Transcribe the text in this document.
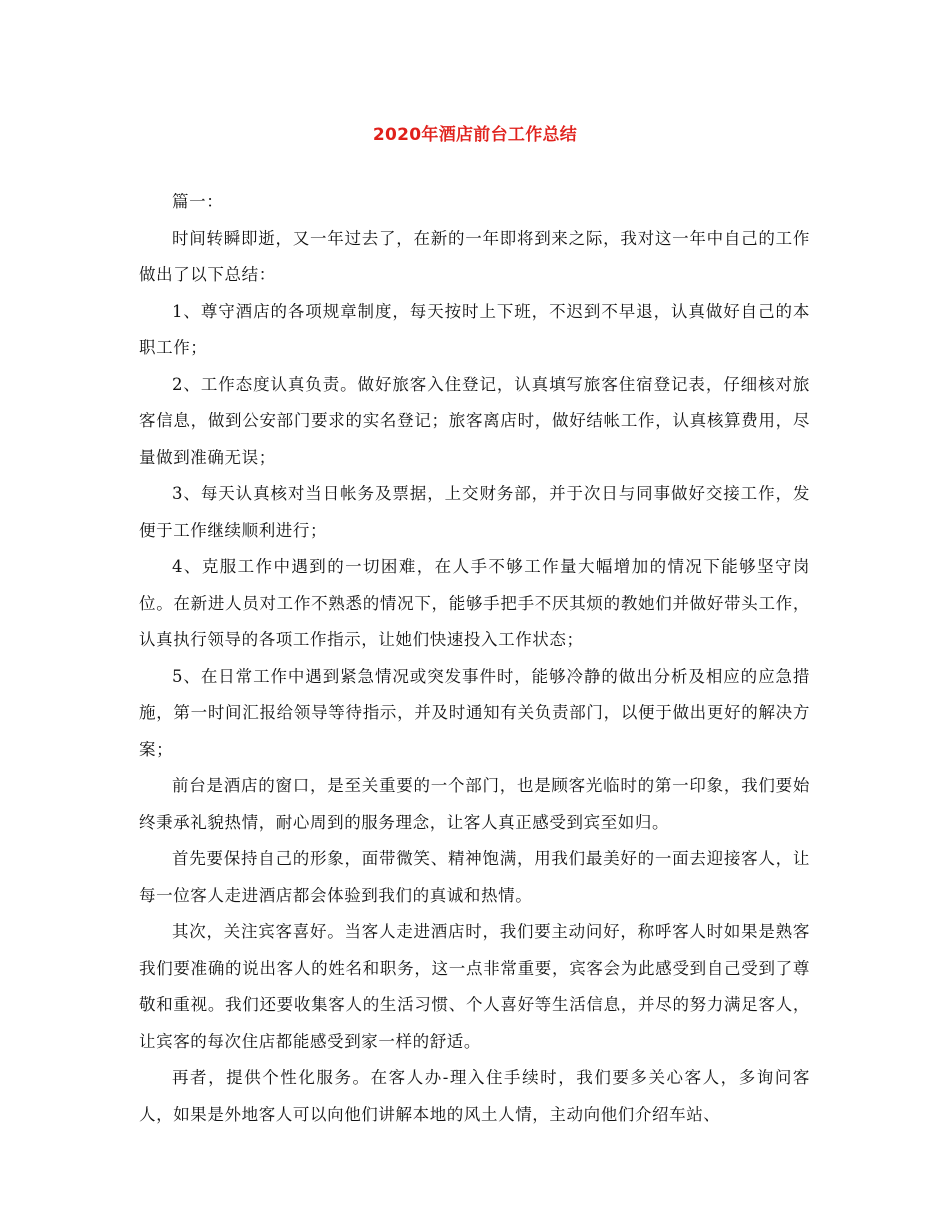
2020年酒店前台工作总结

篇一：

时间转瞬即逝，又一年过去了，在新的一年即将到来之际，我对这一年中自己的工作做出了以下总结：

1、尊守酒店的各项规章制度，每天按时上下班，不迟到不早退，认真做好自己的本职工作；

2、工作态度认真负责。做好旅客入住登记，认真填写旅客住宿登记表，仔细核对旅客信息，做到公安部门要求的实名登记；旅客离店时，做好结帐工作，认真核算费用，尽量做到准确无误；

3、每天认真核对当日帐务及票据，上交财务部，并于次日与同事做好交接工作，发便于工作继续顺利进行；

4、克服工作中遇到的一切困难，在人手不够工作量大幅增加的情况下能够坚守岗位。在新进人员对工作不熟悉的情况下，能够手把手不厌其烦的教她们并做好带头工作，认真执行领导的各项工作指示，让她们快速投入工作状态；

5、在日常工作中遇到紧急情况或突发事件时，能够冷静的做出分析及相应的应急措施，第一时间汇报给领导等待指示，并及时通知有关负责部门，以便于做出更好的解决方案；

前台是酒店的窗口，是至关重要的一个部门，也是顾客光临时的第一印象，我们要始终秉承礼貌热情，耐心周到的服务理念，让客人真正感受到宾至如归。

首先要保持自己的形象，面带微笑、精神饱满，用我们最美好的一面去迎接客人，让每一位客人走进酒店都会体验到我们的真诚和热情。

其次，关注宾客喜好。当客人走进酒店时，我们要主动问好，称呼客人时如果是熟客我们要准确的说出客人的姓名和职务，这一点非常重要，宾客会为此感受到自己受到了尊敬和重视。我们还要收集客人的生活习惯、个人喜好等生活信息，并尽的努力满足客人，让宾客的每次住店都能感受到家一样的舒适。

再者，提供个性化服务。在客人办-理入住手续时，我们要多关心客人，多询问客人，如果是外地客人可以向他们讲解本地的风土人情，主动向他们介绍车站、
